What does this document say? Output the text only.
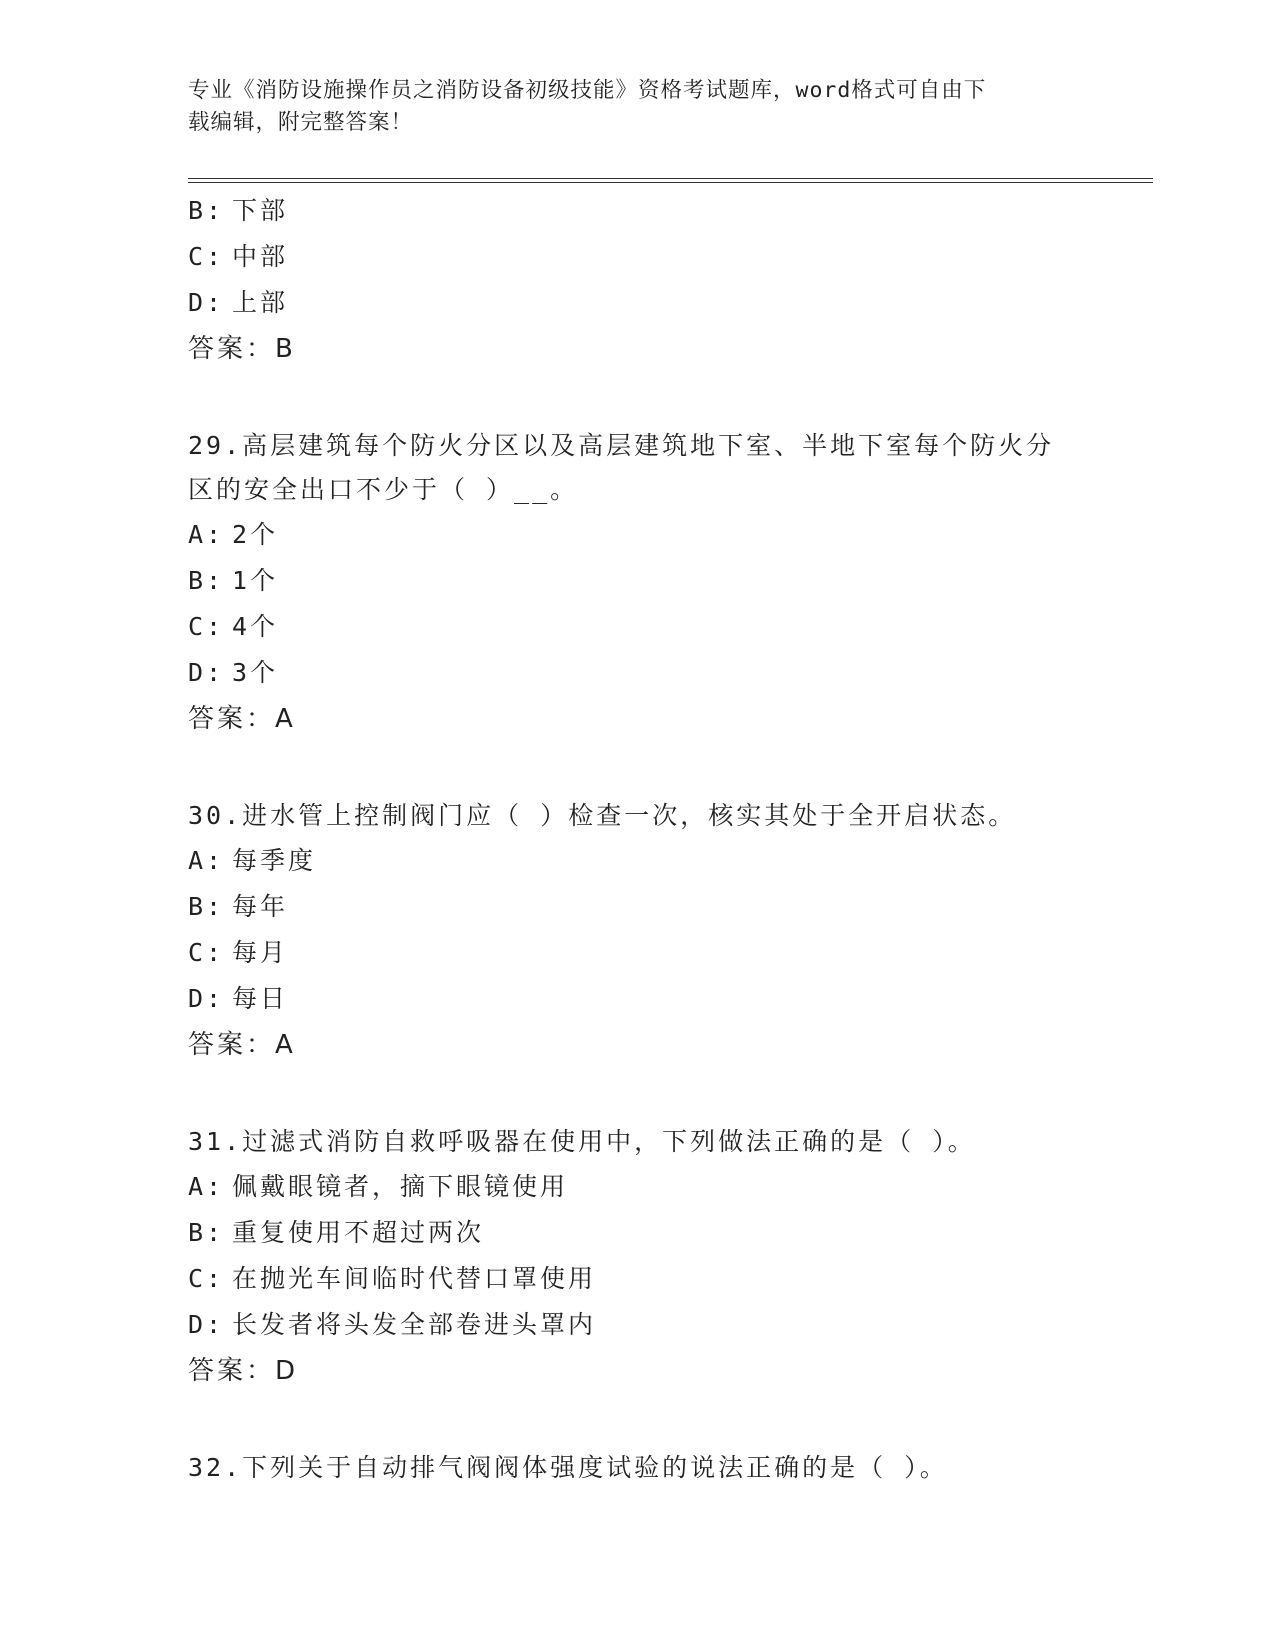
专业《消防设施操作员之消防设备初级技能》资格考试题库，word格式可自由下
载编辑，附完整答案！
B: 下部
C: 中部
D: 上部
答案：B
29.高层建筑每个防火分区以及高层建筑地下室、半地下室每个防火分
区的安全出口不少于（ ）__。
A: 2个
B: 1个
C: 4个
D: 3个
答案：A
30.进水管上控制阀门应（ ）检查一次，核实其处于全开启状态。
A: 每季度
B: 每年
C: 每月
D: 每日
答案：A
31.过滤式消防自救呼吸器在使用中，下列做法正确的是（ ）。
A: 佩戴眼镜者，摘下眼镜使用
B: 重复使用不超过两次
C: 在抛光车间临时代替口罩使用
D: 长发者将头发全部卷进头罩内
答案：D
32.下列关于自动排气阀阀体强度试验的说法正确的是（ ）。
